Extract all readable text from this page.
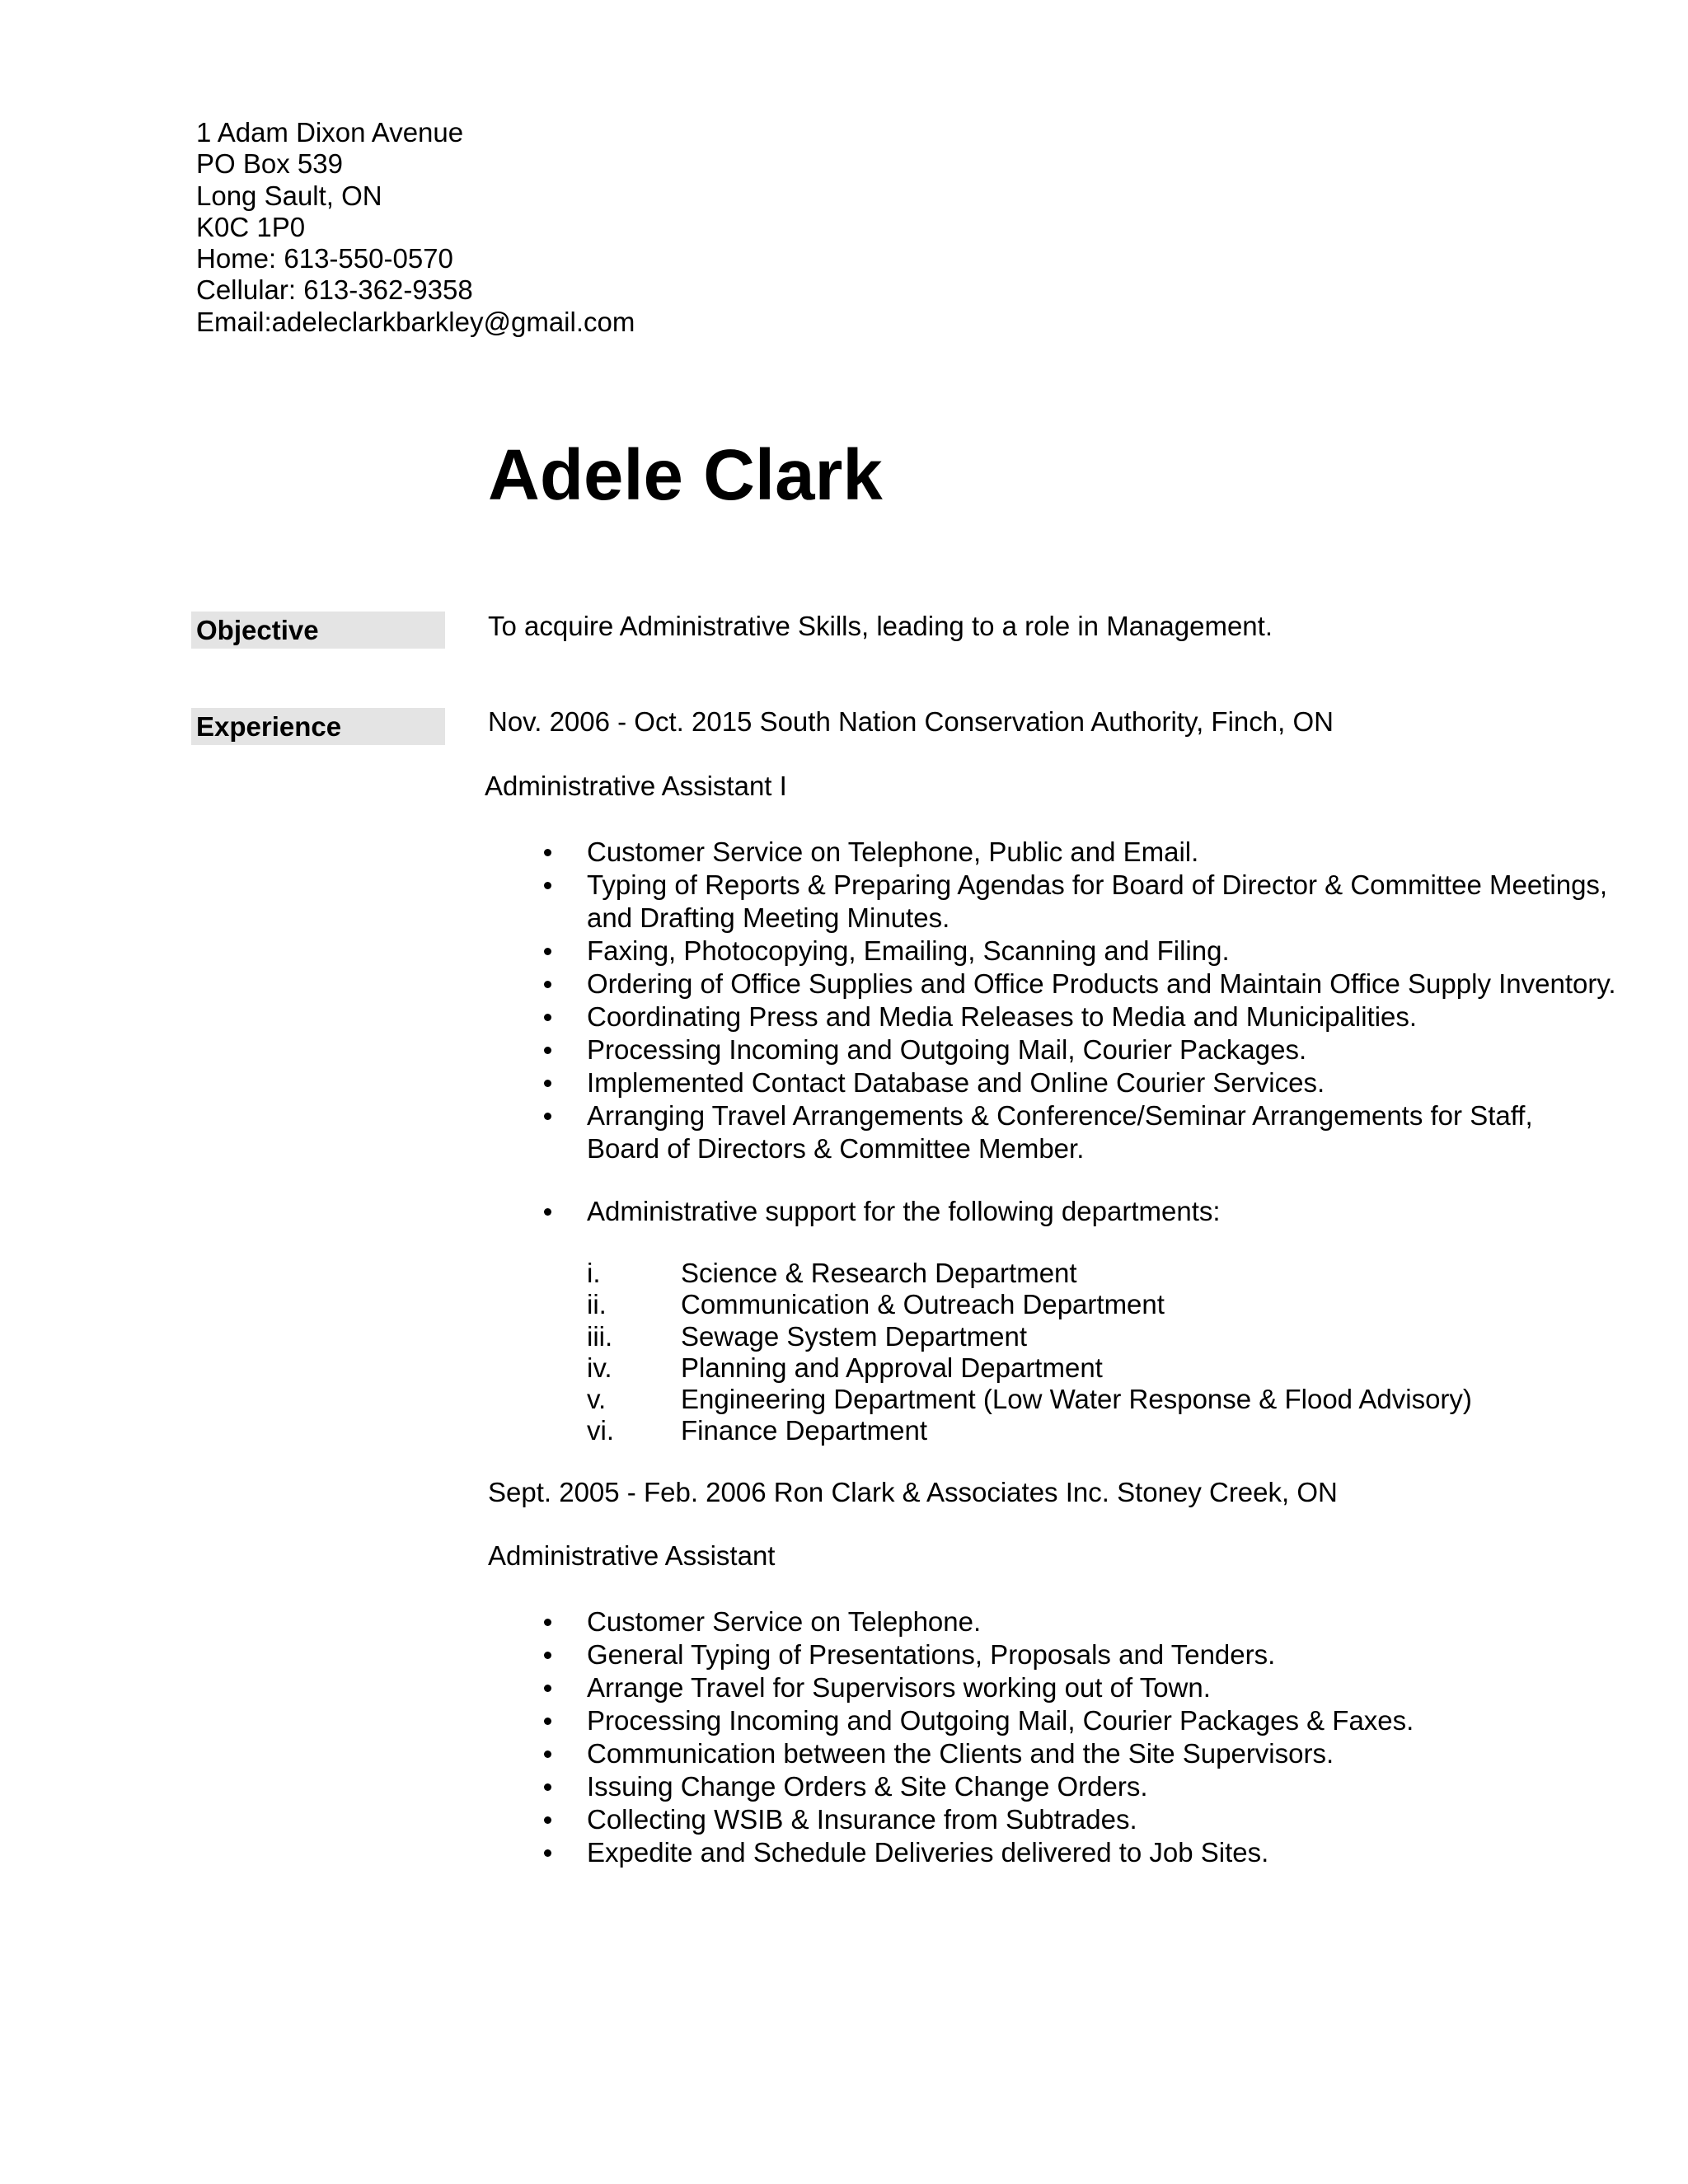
1 Adam Dixon Avenue
PO Box 539
Long Sault, ON
K0C 1P0
Home: 613-550-0570
Cellular: 613-362-9358
Email:adeleclarkbarkley@gmail.com
Adele Clark
Objective	To acquire Administrative Skills, leading to a role in Management.
Experience	Nov. 2006 - Oct. 2015 South Nation Conservation Authority, Finch, ON
Administrative Assistant I
Customer Service on Telephone, Public and Email.
Typing of Reports & Preparing Agendas for Board of Director & Committee Meetings,
and Drafting Meeting Minutes.
Faxing, Photocopying, Emailing, Scanning and Filing.
Ordering of Office Supplies and Office Products and Maintain Office Supply Inventory.
Coordinating Press and Media Releases to Media and Municipalities.
Processing Incoming and Outgoing Mail, Courier Packages.
Implemented Contact Database and Online Courier Services.
Arranging Travel Arrangements & Conference/Seminar Arrangements for Staff,
Board of Directors & Committee Member.
Administrative support for the following departments:
i.	Science & Research Department
ii.	Communication & Outreach Department
iii.	Sewage System Department
iv.	Planning and Approval Department
v.	Engineering Department (Low Water Response & Flood Advisory)
vi. Finance Department
Sept. 2005 - Feb. 2006 Ron Clark & Associates Inc. Stoney Creek, ON
Administrative Assistant
Customer Service on Telephone.
General Typing of Presentations, Proposals and Tenders.
Arrange Travel for Supervisors working out of Town.
Processing Incoming and Outgoing Mail, Courier Packages & Faxes.
Communication between the Clients and the Site Supervisors.
Issuing Change Orders & Site Change Orders.
Collecting WSIB & Insurance from Subtrades.
Expedite and Schedule Deliveries delivered to Job Sites.
